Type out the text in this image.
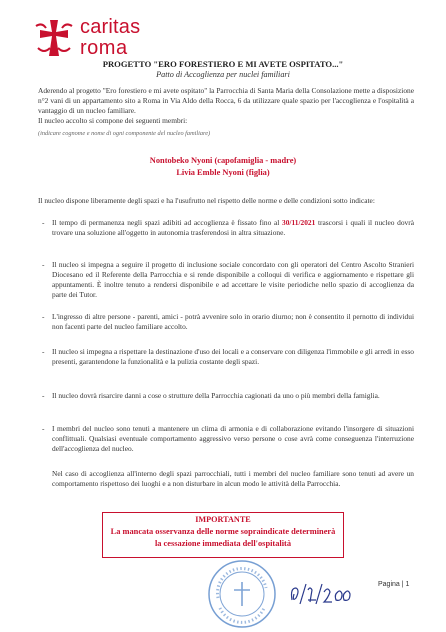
caritas
roma
PROGETTO "ERO FORESTIERO E MI AVETE OSPITATO..."
Patto di Accoglienza per nuclei familiari
Aderendo al progetto "Ero forestiero e mi avete ospitato" la Parrocchia di Santa Maria della Consolazione mette a disposizione n°2 vani di un appartamento sito a Roma in Via Aldo della Rocca, 6 da utilizzare quale spazio per l'accoglienza e l'ospitalità a vantaggio di un nucleo familiare.
Il nucleo accolto si compone dei seguenti membri:
(indicare cognome e nome di ogni componente del nucleo familiare)
Nontobeko Nyoni (capofamiglia - madre)
Livia Emble Nyoni (figlia)
Il nucleo dispone liberamente degli spazi e ha l'usufrutto nel rispetto delle norme e delle condizioni sotto indicate:
- Il tempo di permanenza negli spazi adibiti ad accoglienza è fissato fino al 30/11/2021 trascorsi i quali il nucleo dovrà trovare una soluzione all'oggetto in autonomia trasferendosi in altra situazione.
- Il nucleo si impegna a seguire il progetto di inclusione sociale concordato con gli operatori del Centro Ascolto Stranieri Diocesano ed il Referente della Parrocchia e si rende disponibile a colloqui di verifica e aggiornamento e rispettare gli appuntamenti. È inoltre tenuto a rendersi disponibile e ad accettare le visite periodiche nello spazio di accoglienza da parte dei Tutor.
- L'ingresso di altre persone - parenti, amici - potrà avvenire solo in orario diurno; non è consentito il pernotto di individui non facenti parte del nucleo familiare accolto.
- Il nucleo si impegna a rispettare la destinazione d'uso dei locali e a conservare con diligenza l'immobile e gli arredi in esso presenti, garantendone la funzionalità e la pulizia costante degli spazi.
- Il nucleo dovrà risarcire danni a cose o strutture della Parrocchia cagionati da uno o più membri della famiglia.
- I membri del nucleo sono tenuti a mantenere un clima di armonia e di collaborazione evitando l'insorgere di situazioni conflittuali. Qualsiasi eventuale comportamento aggressivo verso persone o cose avrà come conseguenza l'interruzione dell'accoglienza del nucleo.
Nel caso di accoglienza all'interno degli spazi parrocchiali, tutti i membri del nucleo familiare sono tenuti ad avere un comportamento rispettoso dei luoghi e a non disturbare in alcun modo le attività della Parrocchia.
IMPORTANTE
La mancata osservanza delle norme sopraindicate determinerà
la cessazione immediata dell'ospitalità
Pagina | 1
